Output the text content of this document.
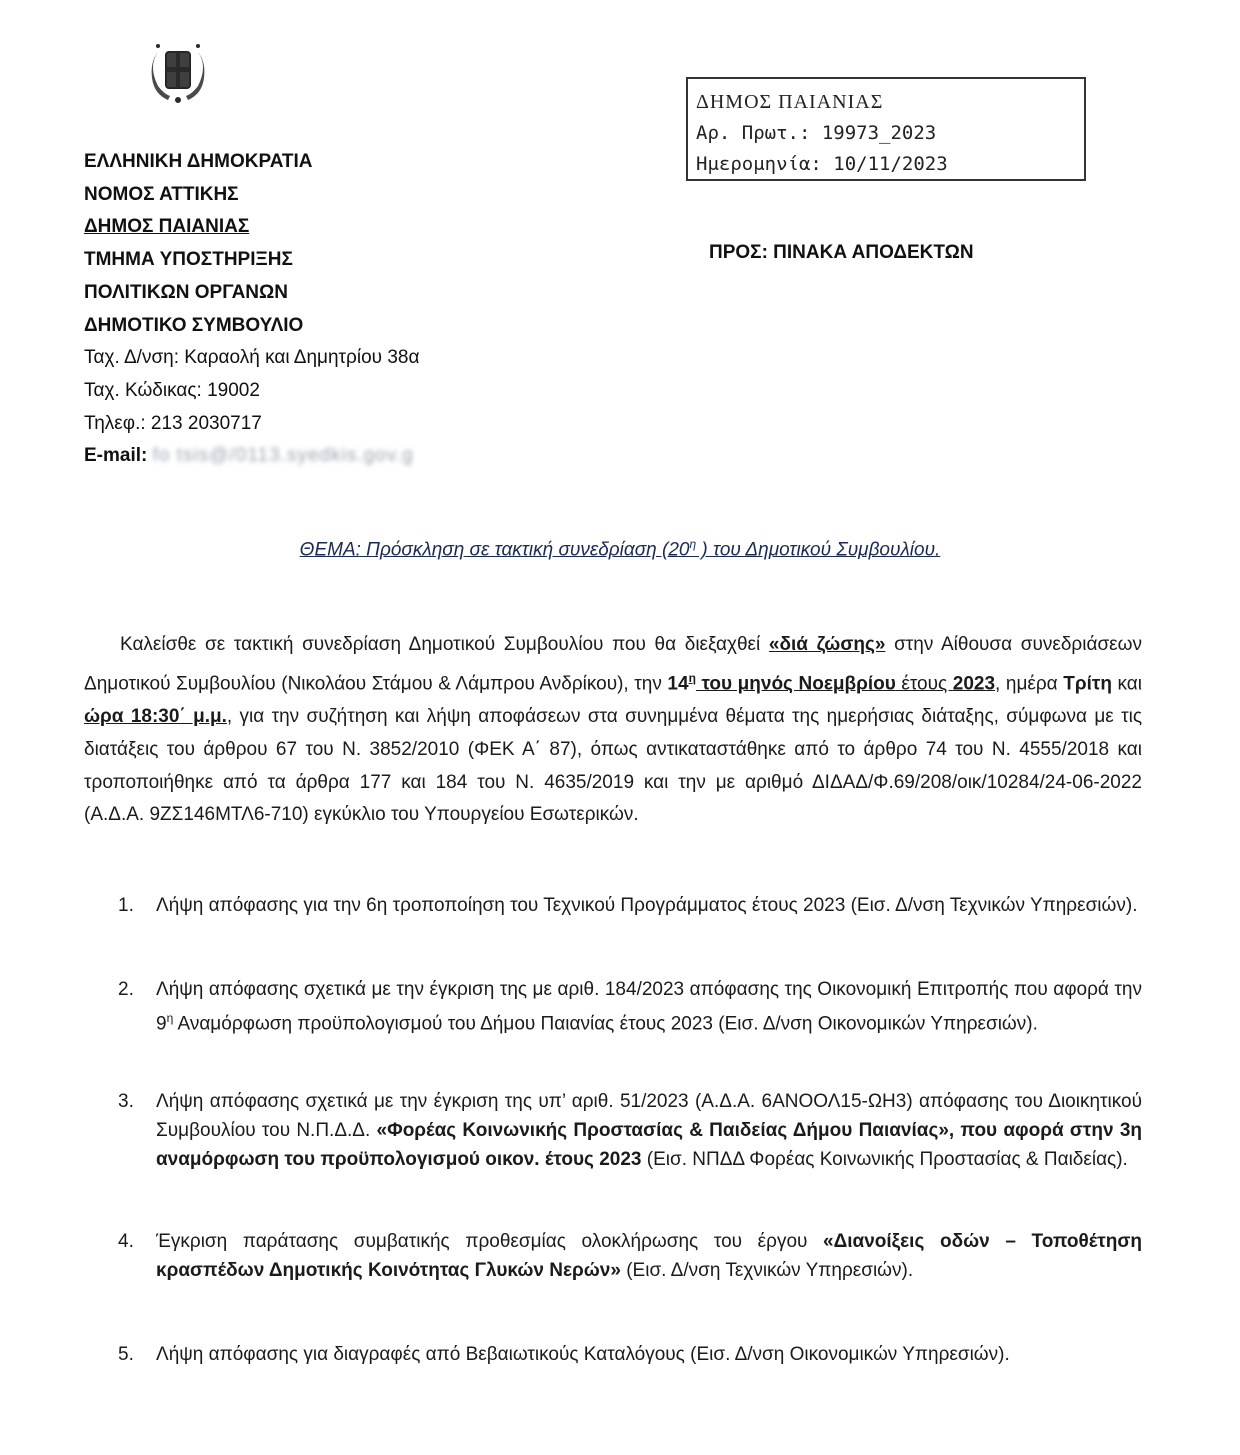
ΕΛΛΗΝΙΚΗ ΔΗΜΟΚΡΑΤΙΑ
ΝΟΜΟΣ ΑΤΤΙΚΗΣ
ΔΗΜΟΣ ΠΑΙΑΝΙΑΣ
ΤΜΗΜΑ ΥΠΟΣΤΗΡΙΞΗΣ
ΠΟΛΙΤΙΚΩΝ ΟΡΓΑΝΩΝ
ΔΗΜΟΤΙΚΟ ΣΥΜΒΟΥΛΙΟ
Ταχ. Δ/νση: Καραολή και Δημητρίου 38α
Ταχ. Κώδικας: 19002
Τηλεφ.: 213 2030717
E-mail: fo tsis@/0113.syedkis.gov.g
ΔΗΜΟΣ ΠΑΙΑΝΙΑΣ
Αρ. Πρωτ.: 19973_2023
Ημερομηνία: 10/11/2023
ΠΡΟΣ: ΠΙΝΑΚΑ ΑΠΟΔΕΚΤΩΝ
ΘΕΜΑ: Πρόσκληση σε τακτική συνεδρίαση ($20^\eta$ ) του Δημοτικού Συμβουλίου.
Καλείσθε σε τακτική συνεδρίαση Δημοτικού Συμβουλίου που θα διεξαχθεί «διά ζώσης» στην Αίθουσα συνεδριάσεων Δημοτικού Συμβουλίου (Νικολάου Στάμου & Λάμπρου Ανδρίκου), την $14^\eta$ του μηνός Νοεμβρίου έτους 2023, ημέρα Τρίτη και ώρα 18:30΄ μ.μ., για την συζήτηση και λήψη αποφάσεων στα συνημμένα θέματα της ημερήσιας διάταξης, σύμφωνα με τις διατάξεις του άρθρου 67 του Ν. 3852/2010 (ΦΕΚ Α΄ 87), όπως αντικαταστάθηκε από το άρθρο 74 του Ν. 4555/2018 και τροποποιήθηκε από τα άρθρα 177 και 184 του Ν. 4635/2019 και την με αριθμό ΔΙΔΑΔ/Φ.69/208/οικ/10284/24-06-2022 (Α.Δ.Α. 9ΖΣ146ΜΤΛ6-710) εγκύκλιο του Υπουργείου Εσωτερικών.
1.	Λήψη απόφασης για την 6η τροποποίηση του Τεχνικού Προγράμματος έτους 2023 (Εισ. Δ/νση Τεχνικών Υπηρεσιών).
2.	Λήψη απόφασης σχετικά με την έγκριση της με αριθ. 184/2023 απόφασης της Οικονομική Επιτροπής που αφορά την $9^\eta$ Αναμόρφωση προϋπολογισμού του Δήμου Παιανίας έτους 2023 (Εισ. Δ/νση Οικονομικών Υπηρεσιών).
3.	Λήψη απόφασης σχετικά με την έγκριση της υπ’ αριθ. 51/2023 (Α.Δ.Α. 6ΑΝΟΟΛ15-ΩΗ3) απόφασης του Διοικητικού Συμβουλίου του Ν.Π.Δ.Δ. «Φορέας Κοινωνικής Προστασίας & Παιδείας Δήμου Παιανίας», που αφορά στην 3η αναμόρφωση του προϋπολογισμού οικον. έτους 2023 (Εισ. ΝΠΔΔ Φορέας Κοινωνικής Προστασίας & Παιδείας).
4.	Έγκριση παράτασης συμβατικής προθεσμίας ολοκλήρωσης του έργου «Διανοίξεις οδών – Τοποθέτηση κρασπέδων Δημοτικής Κοινότητας Γλυκών Νερών» (Εισ. Δ/νση Τεχνικών Υπηρεσιών).
5.	Λήψη απόφασης για διαγραφές από Βεβαιωτικούς Καταλόγους (Εισ. Δ/νση Οικονομικών Υπηρεσιών).
